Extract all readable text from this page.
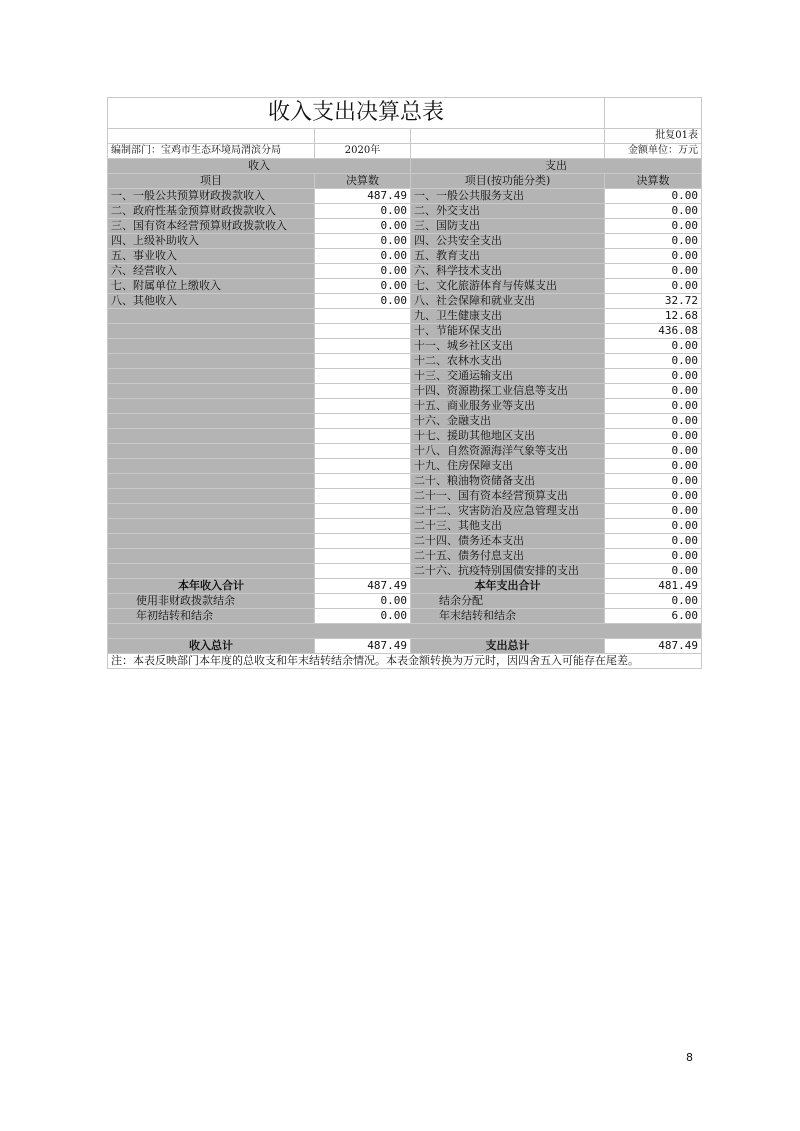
收入支出决算总表			
			批复01表
编制部门：宝鸡市生态环境局渭滨分局	2020年		金额单位：万元
收入		支出	
项目	决算数	项目(按功能分类)	决算数
一、一般公共预算财政拨款收入	487.49	一、一般公共服务支出	0.00
二、政府性基金预算财政拨款收入	0.00	二、外交支出	0.00
三、国有资本经营预算财政拨款收入	0.00	三、国防支出	0.00
四、上级补助收入	0.00	四、公共安全支出	0.00
五、事业收入	0.00	五、教育支出	0.00
六、经营收入	0.00	六、科学技术支出	0.00
七、附属单位上缴收入	0.00	七、文化旅游体育与传媒支出	0.00
八、其他收入	0.00	八、社会保障和就业支出	32.72
		九、卫生健康支出	12.68
		十、节能环保支出	436.08
		十一、城乡社区支出	0.00
		十二、农林水支出	0.00
		十三、交通运输支出	0.00
		十四、资源勘探工业信息等支出	0.00
		十五、商业服务业等支出	0.00
		十六、金融支出	0.00
		十七、援助其他地区支出	0.00
		十八、自然资源海洋气象等支出	0.00
		十九、住房保障支出	0.00
		二十、粮油物资储备支出	0.00
		二十一、国有资本经营预算支出	0.00
		二十二、灾害防治及应急管理支出	0.00
		二十三、其他支出	0.00
		二十四、债务还本支出	0.00
		二十五、债务付息支出	0.00
		二十六、抗疫特别国债安排的支出	0.00
本年收入合计	487.49	本年支出合计	481.49
使用非财政拨款结余	0.00	结余分配	0.00
年初结转和结余	0.00	年末结转和结余	6.00

收入总计	487.49	支出总计	487.49
注：本表反映部门本年度的总收支和年末结转结余情况。本表金额转换为万元时，因四舍五入可能存在尾差。			
8
